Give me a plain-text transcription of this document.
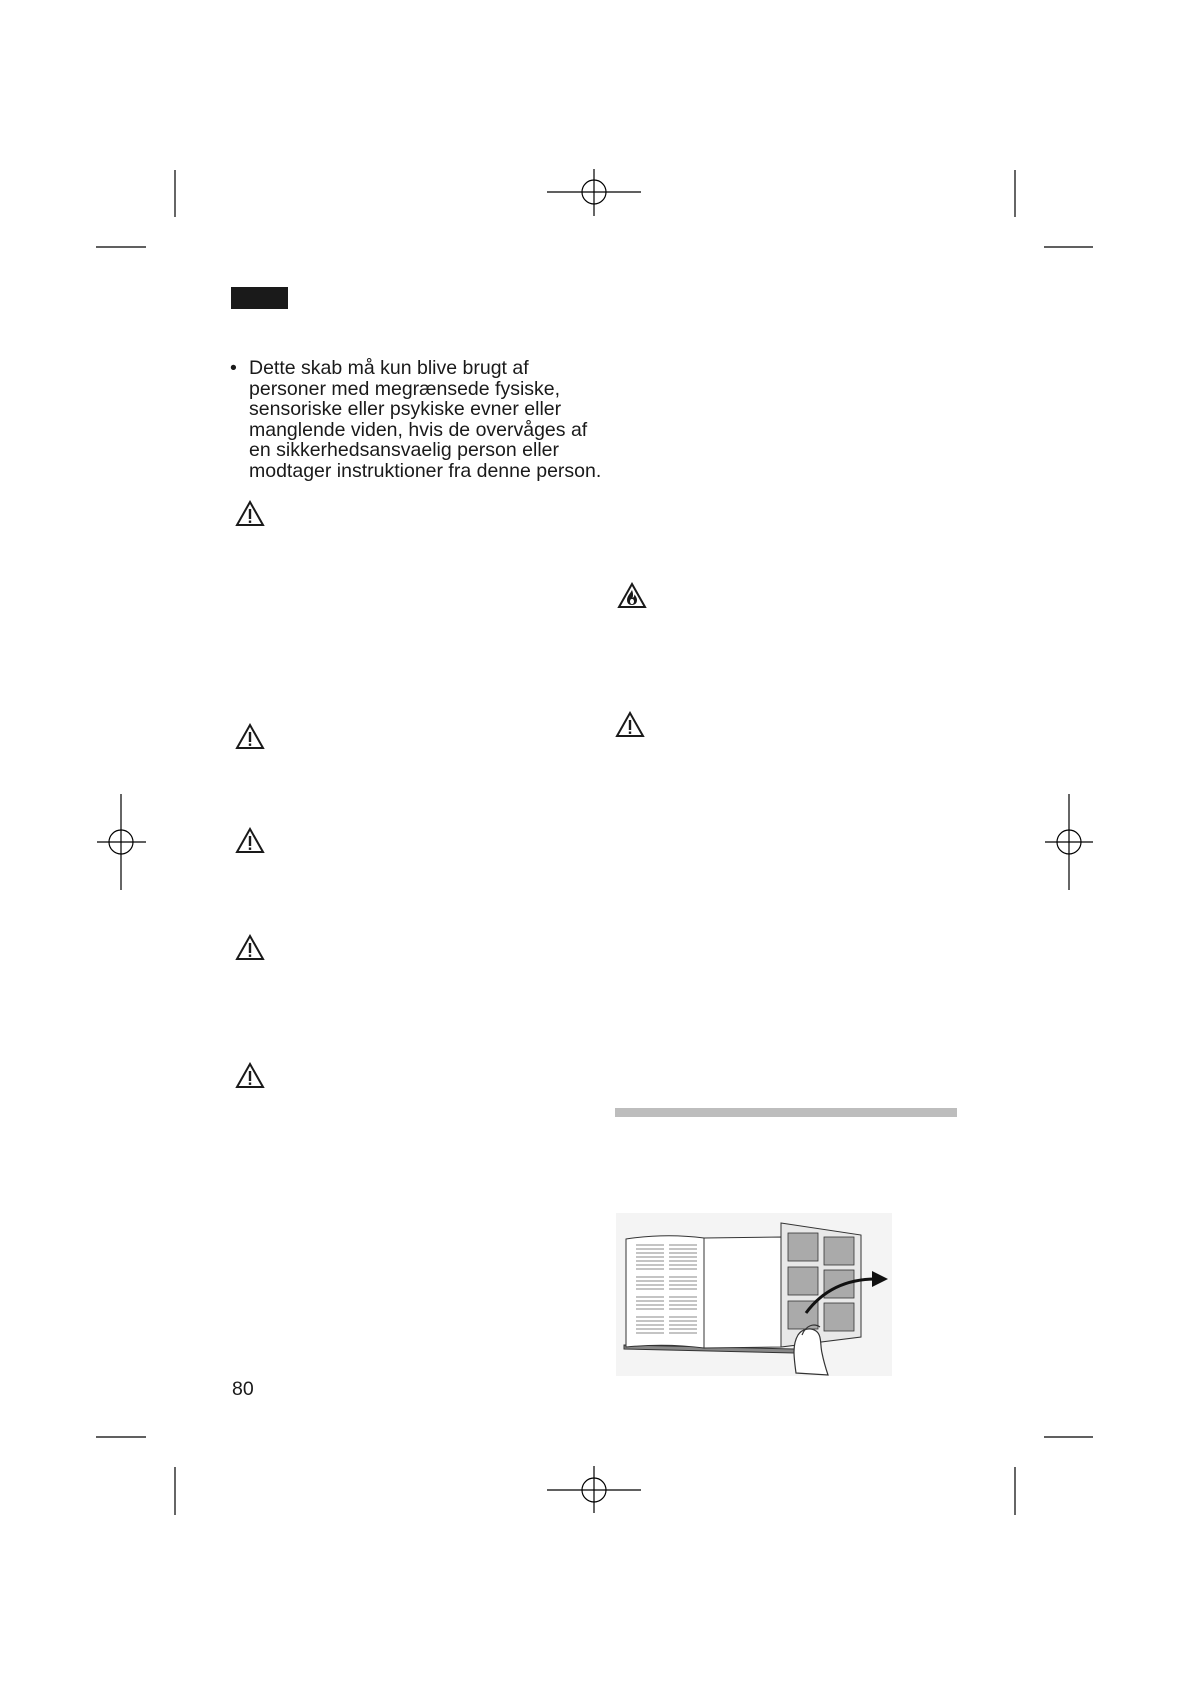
• Dette skab må kun blive brugt af
personer med megrænsede fysiske,
sensoriske eller psykiske evner eller
manglende viden, hvis de overvåges af
en sikkerhedsansvaelig person eller
modtager instruktioner fra denne person.
80
